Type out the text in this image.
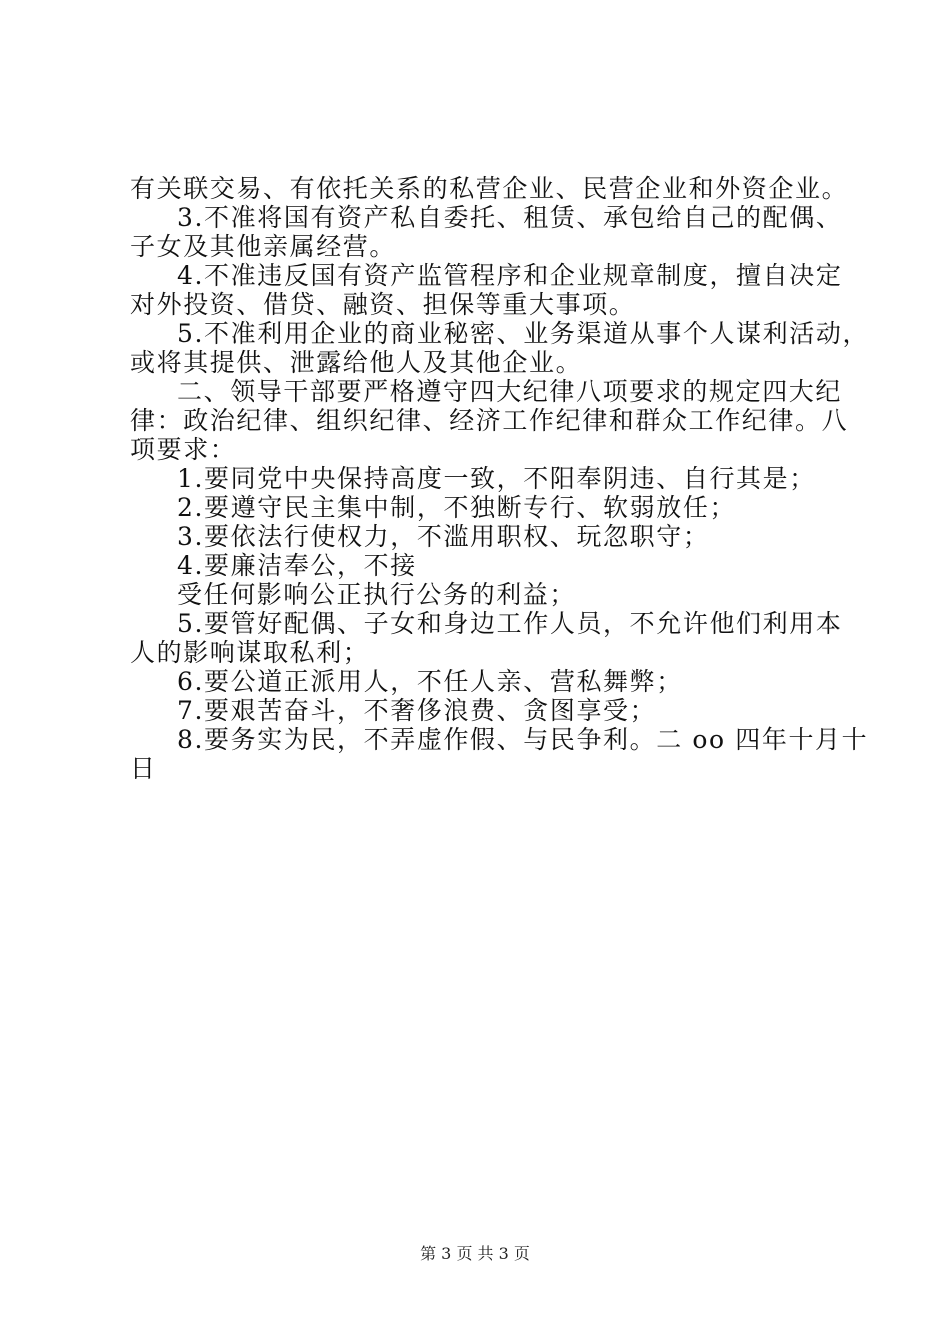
有关联交易、有依托关系的私营企业、民营企业和外资企业。
3.不准将国有资产私自委托、租赁、承包给自己的配偶、
子女及其他亲属经营。
4.不准违反国有资产监管程序和企业规章制度，擅自决定
对外投资、借贷、融资、担保等重大事项。
5.不准利用企业的商业秘密、业务渠道从事个人谋利活动，
或将其提供、泄露给他人及其他企业。
二、领导干部要严格遵守四大纪律八项要求的规定四大纪
律：政治纪律、组织纪律、经济工作纪律和群众工作纪律。八
项要求：
1.要同党中央保持高度一致，不阳奉阴违、自行其是；
2.要遵守民主集中制，不独断专行、软弱放任；
3.要依法行使权力，不滥用职权、玩忽职守；
4.要廉洁奉公，不接
受任何影响公正执行公务的利益；
5.要管好配偶、子女和身边工作人员，不允许他们利用本
人的影响谋取私利；
6.要公道正派用人，不任人亲、营私舞弊；
7.要艰苦奋斗，不奢侈浪费、贪图享受；
8.要务实为民，不弄虚作假、与民争利。二 oo 四年十月十
日
第 3 页 共 3 页
